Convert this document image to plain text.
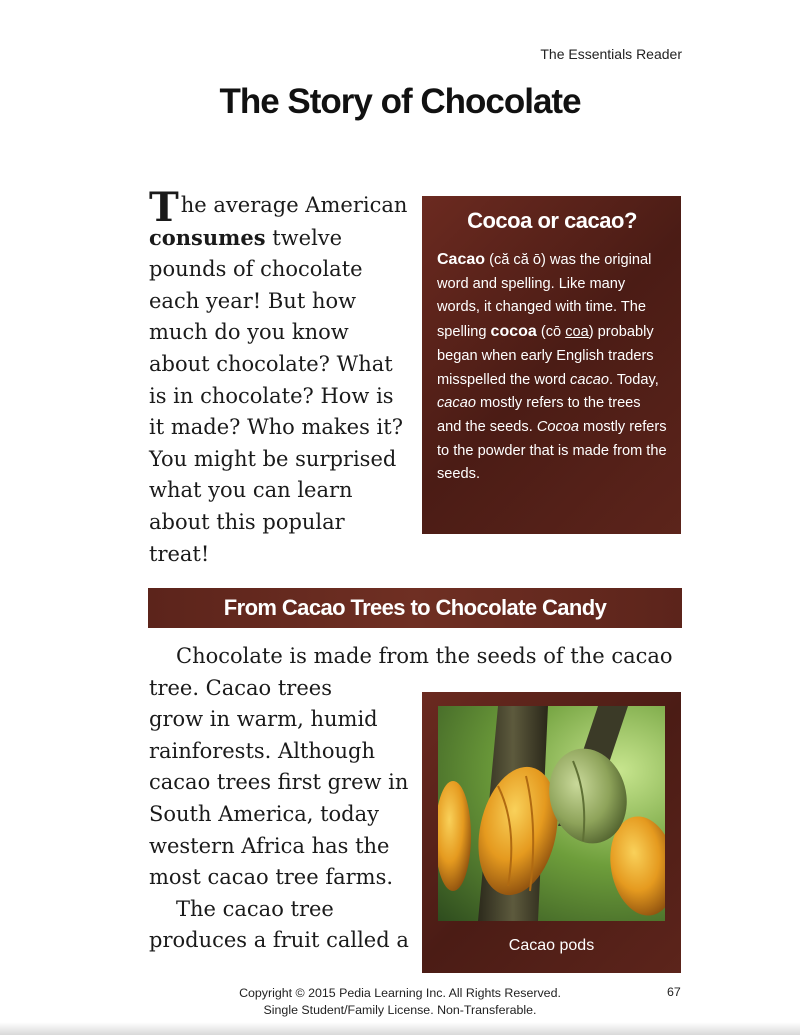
The Essentials Reader
The Story of Chocolate
The average American consumes twelve pounds of chocolate each year! But how much do you know about chocolate? What is in chocolate? How is it made? Who makes it? You might be surprised what you can learn about this popular treat!
Cocoa or cacao?
Cacao (că că ō) was the original word and spelling. Like many words, it changed with time. The spelling cocoa (cō coa) probably began when early English traders misspelled the word cacao. Today, cacao mostly refers to the trees and the seeds. Cocoa mostly refers to the powder that is made from the seeds.
From Cacao Trees to Chocolate Candy
Chocolate is made from the seeds of the cacao
tree. Cacao trees
grow in warm, humid
rainforests. Although
cacao trees first grew in
South America, today
western Africa has the
most cacao tree farms.
The cacao tree
produces a fruit called a	Cacao pods
Copyright © 2015 Pedia Learning Inc. All Rights Reserved.
Single Student/Family License. Non-Transferable.
67
